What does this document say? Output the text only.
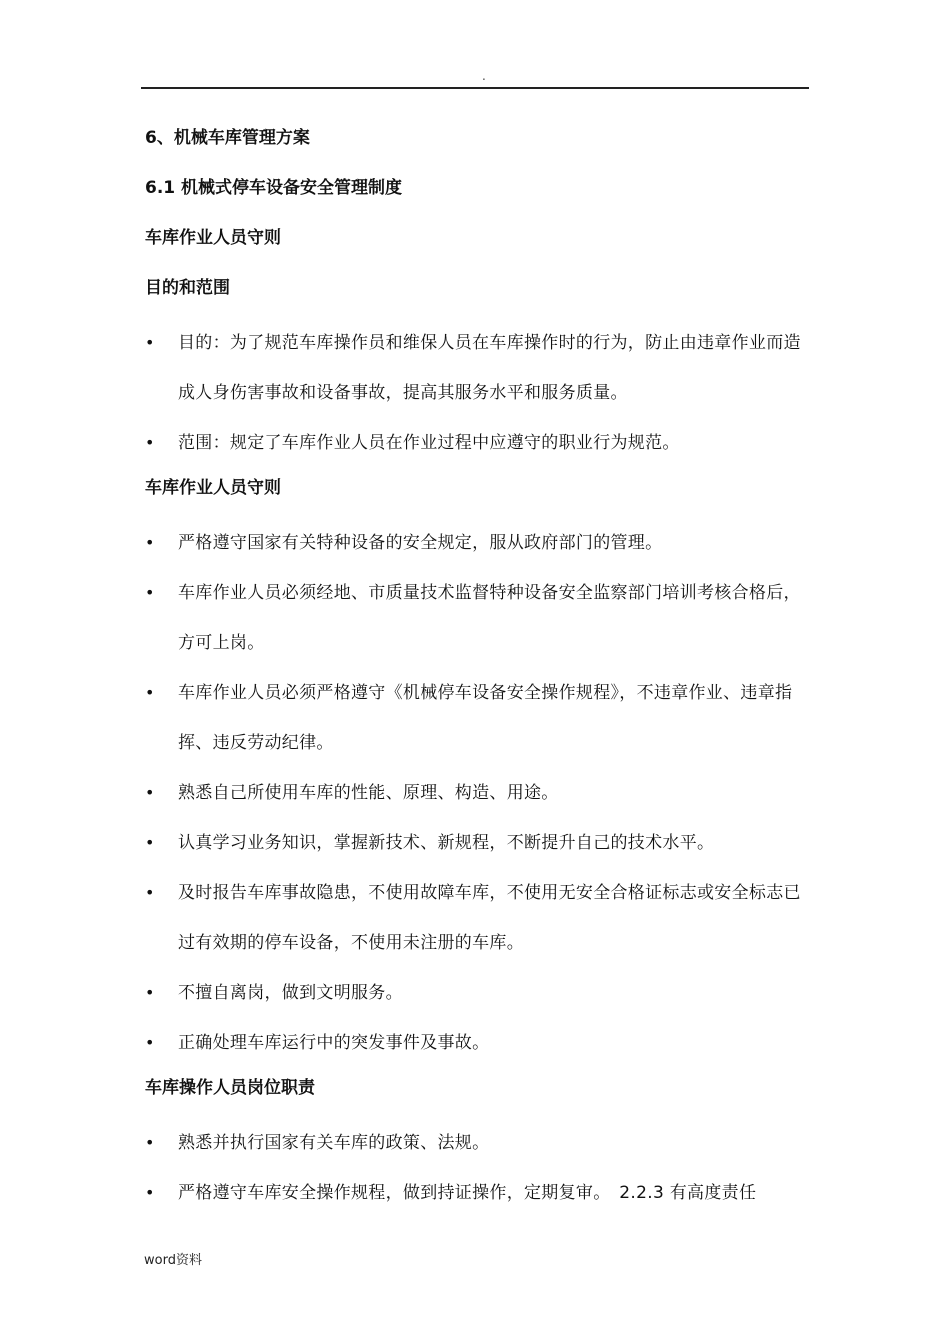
.

6、机械车库管理方案

6.1 机械式停车设备安全管理制度

车库作业人员守则

目的和范围

•	目的：为了规范车库操作员和维保人员在车库操作时的行为，防止由违章作业而造成人身伤害事故和设备事故，提高其服务水平和服务质量。
•	范围：规定了车库作业人员在作业过程中应遵守的职业行为规范。

车库作业人员守则

•	严格遵守国家有关特种设备的安全规定，服从政府部门的管理。
•	车库作业人员必须经地、市质量技术监督特种设备安全监察部门培训考核合格后，方可上岗。
•	车库作业人员必须严格遵守《机械停车设备安全操作规程》，不违章作业、违章指挥、违反劳动纪律。
•	熟悉自己所使用车库的性能、原理、构造、用途。
•	认真学习业务知识，掌握新技术、新规程，不断提升自己的技术水平。
•	及时报告车库事故隐患，不使用故障车库，不使用无安全合格证标志或安全标志已过有效期的停车设备，不使用未注册的车库。
•	不擅自离岗，做到文明服务。
•	正确处理车库运行中的突发事件及事故。

车库操作人员岗位职责

•	熟悉并执行国家有关车库的政策、法规。
•	严格遵守车库安全操作规程，做到持证操作，定期复审。　2.2.3 有高度责任
word资料
